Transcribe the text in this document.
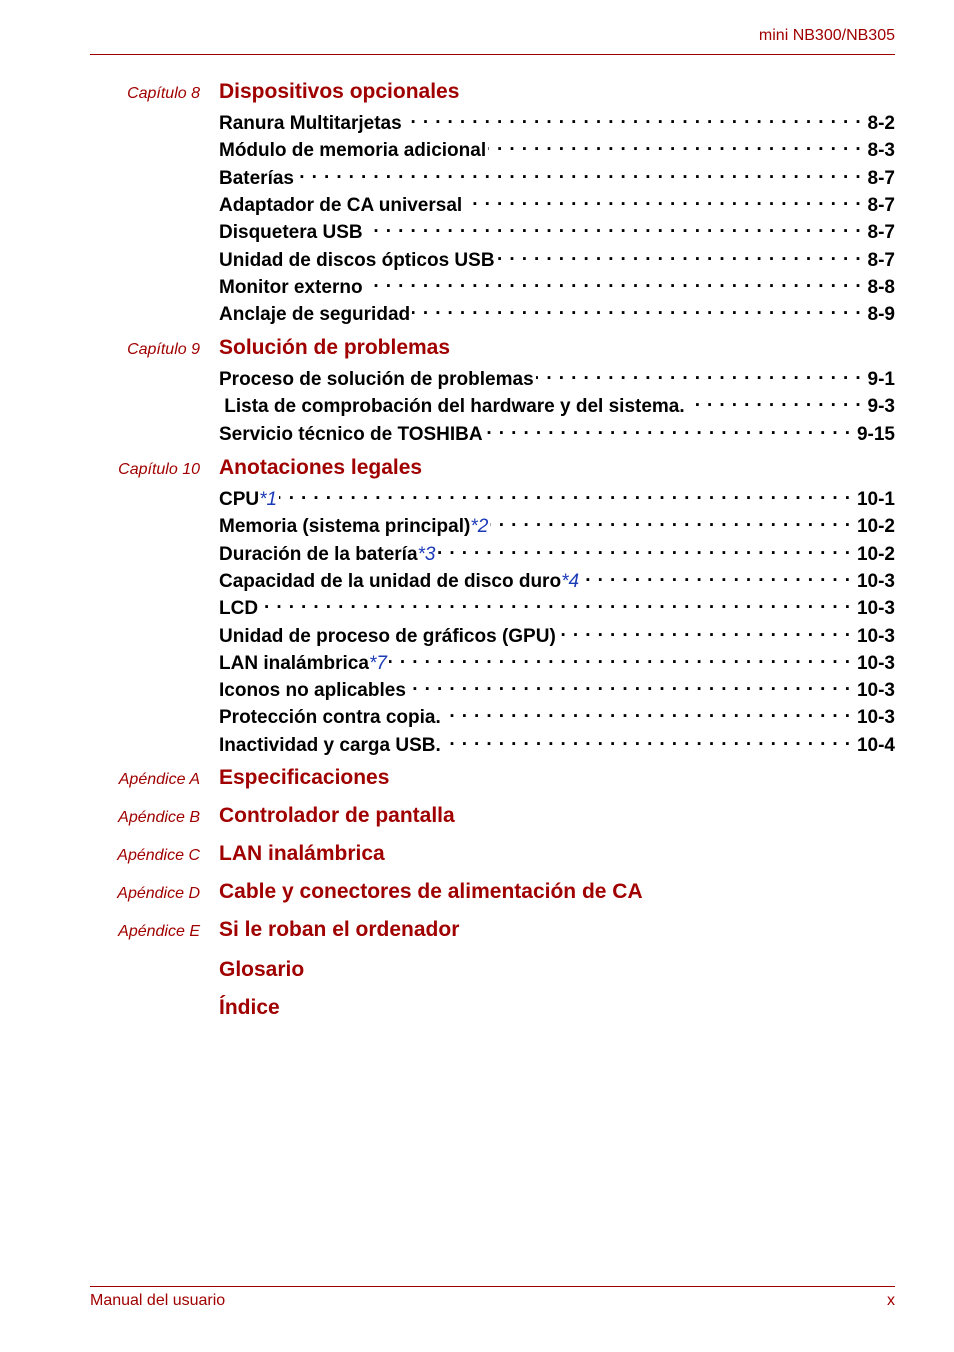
mini NB300/NB305
Capítulo 8 Dispositivos opcionales
Ranura Multitarjetas . . .	8-2
Módulo de memoria adicional . . .	8-3
Baterías . . .	8-7
Adaptador de CA universal . . .	8-7
Disquetera USB . . .	8-7
Unidad de discos ópticos USB . . .	8-7
Monitor externo . . .	8-8
Anclaje de seguridad . . .	8-9
Capítulo 9 Solución de problemas
Proceso de solución de problemas . . .	9-1
Lista de comprobación del hardware y del sistema. . . .	9-3
Servicio técnico de TOSHIBA . . .	9-15
Capítulo 10 Anotaciones legales
CPU*1 . . .	10-1
Memoria (sistema principal)*2 . . .	10-2
Duración de la batería*3 . . .	10-2
Capacidad de la unidad de disco duro*4 . . .	10-3
LCD . . .	10-3
Unidad de proceso de gráficos (GPU) . . .	10-3
LAN inalámbrica*7 . . .	10-3
Iconos no aplicables . . .	10-3
Protección contra copia. . . .	10-3
Inactividad y carga USB. . . .	10-4
Apéndice A Especificaciones
Apéndice B Controlador de pantalla
Apéndice C LAN inalámbrica
Apéndice D Cable y conectores de alimentación de CA
Apéndice E Si le roban el ordenador
Glosario
Índice
Manual del usuario	x
